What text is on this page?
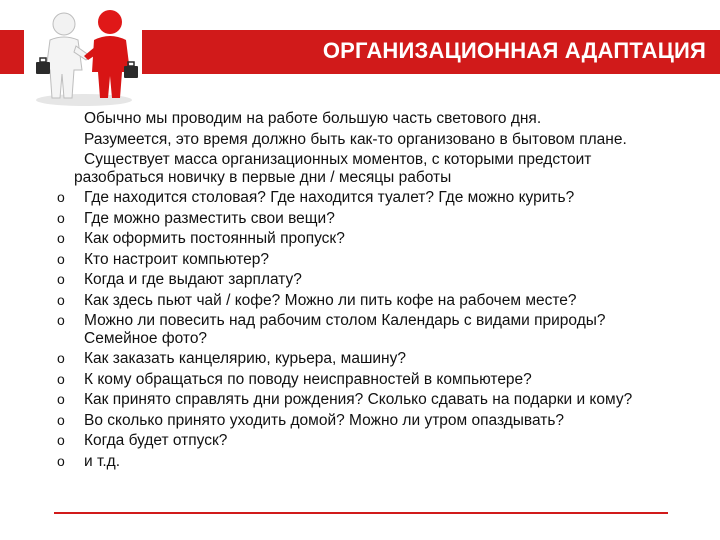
ОРГАНИЗАЦИОННАЯ АДАПТАЦИЯ

Обычно мы проводим на работе большую часть светового дня.

Разумеется, это время должно быть как-то организовано в бытовом плане.

Существует масса организационных моментов, с которыми предстоит разобраться новичку в первые дни / месяцы работы

o Где находится столовая? Где находится туалет? Где можно курить?
o Где можно разместить свои вещи?
o Как оформить постоянный пропуск?
o Кто настроит компьютер?
o Когда и где выдают зарплату?
o Как здесь пьют чай / кофе? Можно ли пить кофе на рабочем месте?
o Можно ли повесить над рабочим столом Календарь с видами природы? Семейное фото?
o Как заказать канцелярию, курьера, машину?
o К кому обращаться по поводу неисправностей в компьютере?
o Как принято справлять дни рождения? Сколько сдавать на подарки и кому?
o Во сколько принято уходить домой? Можно ли утром опаздывать?
o Когда будет отпуск?
o и т.д.
